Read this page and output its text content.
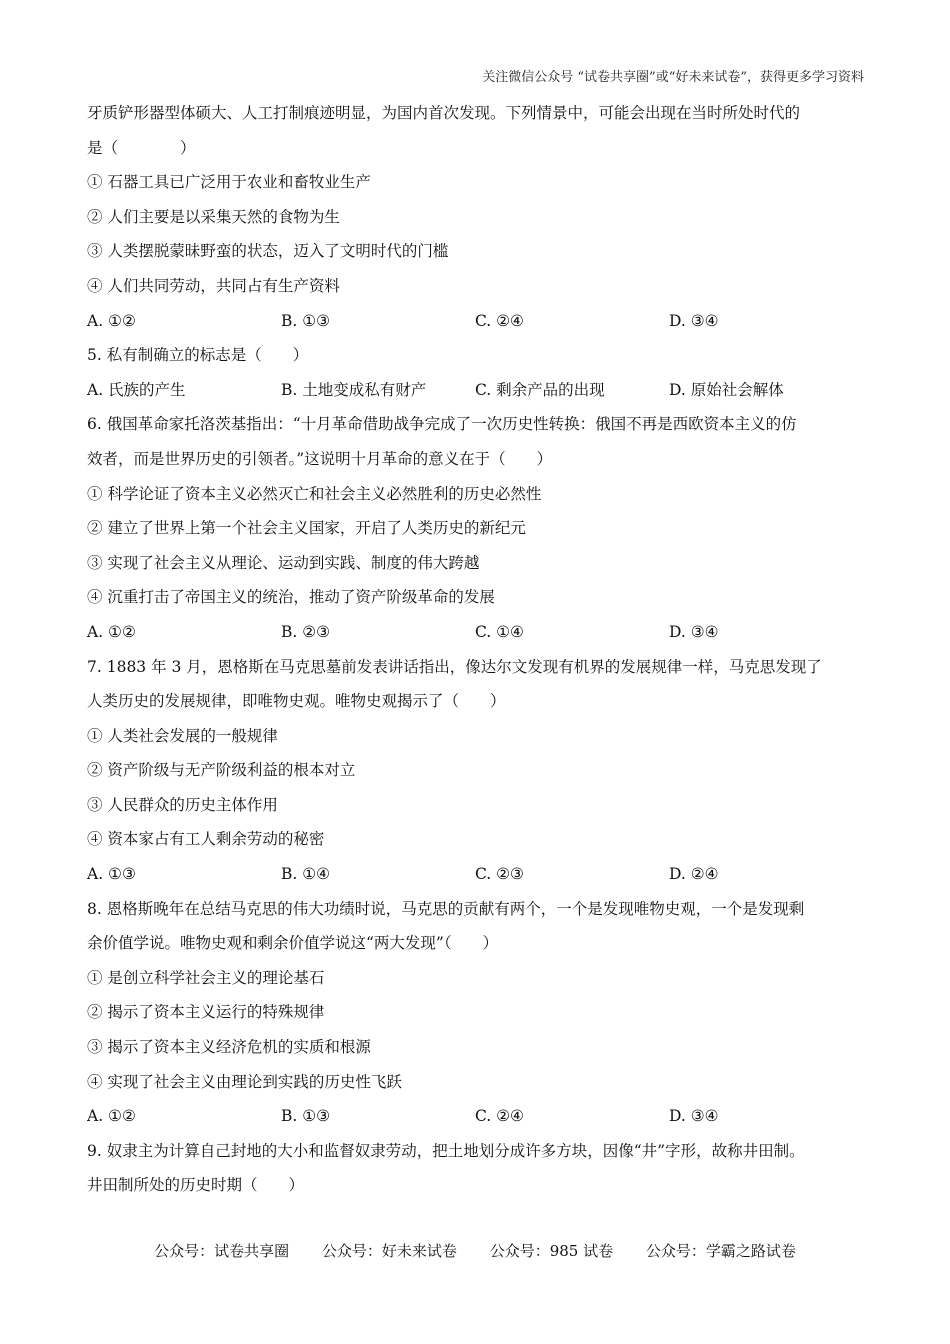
关注微信公众号 “试卷共享圈”或“好未来试卷”，获得更多学习资料
牙质铲形器型体硕大、人工打制痕迹明显，为国内首次发现。下列情景中，可能会出现在当时所处时代的
是（　　　　）
① 石器工具已广泛用于农业和畜牧业生产
② 人们主要是以采集天然的食物为生
③ 人类摆脱蒙昧野蛮的状态，迈入了文明时代的门槛
④ 人们共同劳动，共同占有生产资料
A. ①②	B. ①③	C. ②④	D. ③④
5. 私有制确立的标志是（　　）
A. 氏族的产生	B. 土地变成私有财产	C. 剩余产品的出现	D. 原始社会解体
6. 俄国革命家托洛茨基指出：“十月革命借助战争完成了一次历史性转换：俄国不再是西欧资本主义的仿
效者，而是世界历史的引领者。”这说明十月革命的意义在于（　　）
① 科学论证了资本主义必然灭亡和社会主义必然胜利的历史必然性
② 建立了世界上第一个社会主义国家，开启了人类历史的新纪元
③ 实现了社会主义从理论、运动到实践、制度的伟大跨越
④ 沉重打击了帝国主义的统治，推动了资产阶级革命的发展
A. ①②	B. ②③	C. ①④	D. ③④
7. 1883 年 3 月，恩格斯在马克思墓前发表讲话指出，像达尔文发现有机界的发展规律一样，马克思发现了
人类历史的发展规律，即唯物史观。唯物史观揭示了（　　）
① 人类社会发展的一般规律
② 资产阶级与无产阶级利益的根本对立
③ 人民群众的历史主体作用
④ 资本家占有工人剩余劳动的秘密
A. ①③	B. ①④	C. ②③	D. ②④
8. 恩格斯晚年在总结马克思的伟大功绩时说，马克思的贡献有两个，一个是发现唯物史观，一个是发现剩
余价值学说。唯物史观和剩余价值学说这“两大发现”（　　）
① 是创立科学社会主义的理论基石
② 揭示了资本主义运行的特殊规律
③ 揭示了资本主义经济危机的实质和根源
④ 实现了社会主义由理论到实践的历史性飞跃
A. ①②	B. ①③	C. ②④	D. ③④
9. 奴隶主为计算自己封地的大小和监督奴隶劳动，把土地划分成许多方块，因像“井”字形，故称井田制。
井田制所处的历史时期（　　）
公众号：试卷共享圈 公众号：好未来试卷 公众号：985 试卷 公众号：学霸之路试卷
